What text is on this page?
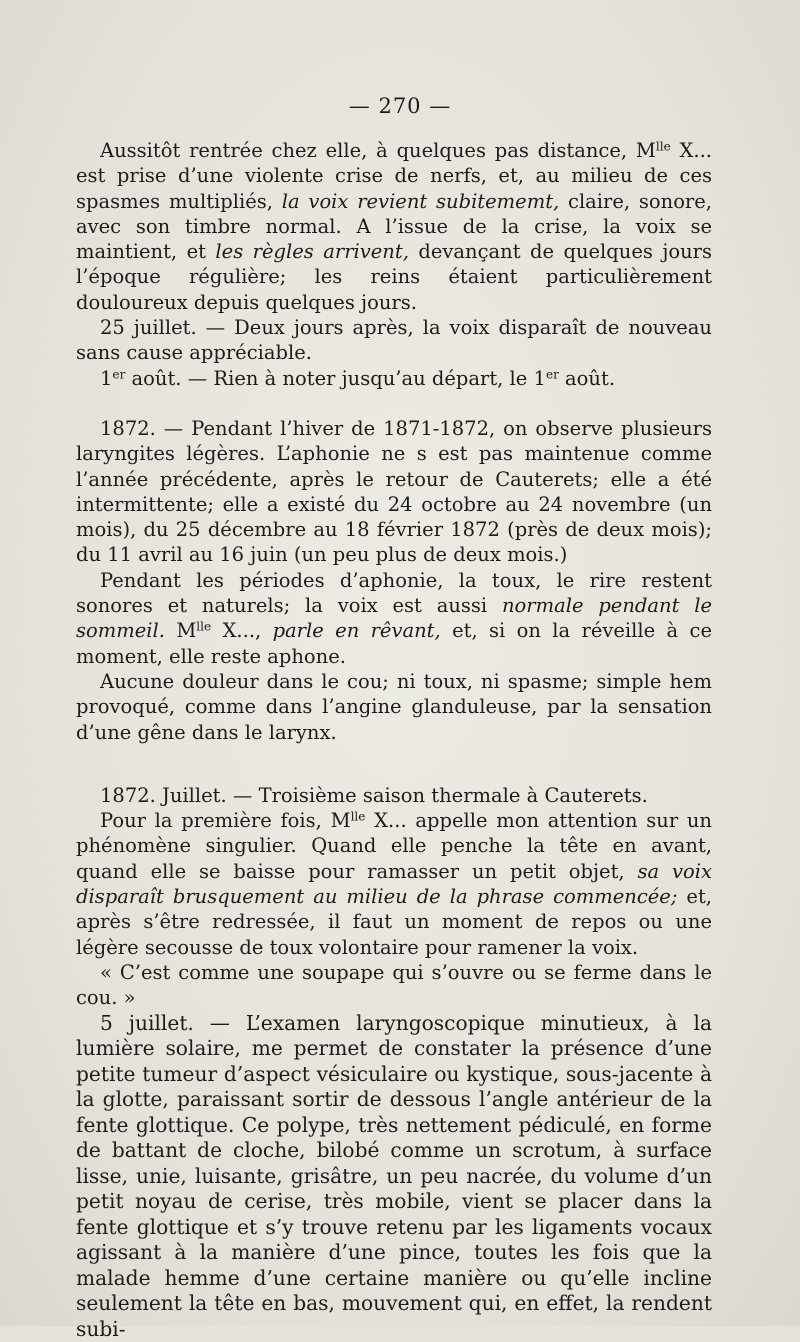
— 270 —

Aussitôt rentrée chez elle, à quelques pas distance, $M^{lle}$ X... est prise d’une violente crise de nerfs, et, au milieu de ces spasmes multipliés, la voix revient subitememt, claire, sonore, avec son timbre normal. A l’issue de la crise, la voix se maintient, et les règles arrivent, devançant de quelques jours l’époque régulière; les reins étaient particulièrement douloureux depuis quelques jours.

25 juillet. — Deux jours après, la voix disparaît de nouveau sans cause appréciable.

1er août. — Rien à noter jusqu’au départ, le 1er août.

1872. — Pendant l’hiver de 1871-1872, on observe plusieurs laryngites légères. L’aphonie ne s est pas maintenue comme l’année précédente, après le retour de Cauterets; elle a été intermittente; elle a existé du 24 octobre au 24 novembre (un mois), du 25 décembre au 18 février 1872 (près de deux mois); du 11 avril au 16 juin (un peu plus de deux mois.)

Pendant les périodes d’aphonie, la toux, le rire restent sonores et naturels; la voix est aussi normale pendant le sommeil. $M^{lle}$ X..., parle en rêvant, et, si on la réveille à ce moment, elle reste aphone.

Aucune douleur dans le cou; ni toux, ni spasme; simple hem provoqué, comme dans l’angine glanduleuse, par la sensation d’une gêne dans le larynx.

1872. Juillet. — Troisième saison thermale à Cauterets.

Pour la première fois, $M^{lle}$ X... appelle mon attention sur un phénomène singulier. Quand elle penche la tête en avant, quand elle se baisse pour ramasser un petit objet, sa voix disparaît brusquement au milieu de la phrase commencée; et, après s’être redressée, il faut un moment de repos ou une légère secousse de toux volontaire pour ramener la voix.

« C’est comme une soupape qui s’ouvre ou se ferme dans le cou. »

5 juillet. — L’examen laryngoscopique minutieux, à la lumière solaire, me permet de constater la présence d’une petite tumeur d’aspect vésiculaire ou kystique, sous-jacente à la glotte, paraissant sortir de dessous l’angle antérieur de la fente glottique. Ce polype, très nettement pédiculé, en forme de battant de cloche, bilobé comme un scrotum, à surface lisse, unie, luisante, grisâtre, un peu nacrée, du volume d’un petit noyau de cerise, très mobile, vient se placer dans la fente glottique et s’y trouve retenu par les ligaments vocaux agissant à la manière d’une pince, toutes les fois que la malade hemme d’une certaine manière ou qu’elle incline seulement la tête en bas, mouvement qui, en effet, la rendent subi-
